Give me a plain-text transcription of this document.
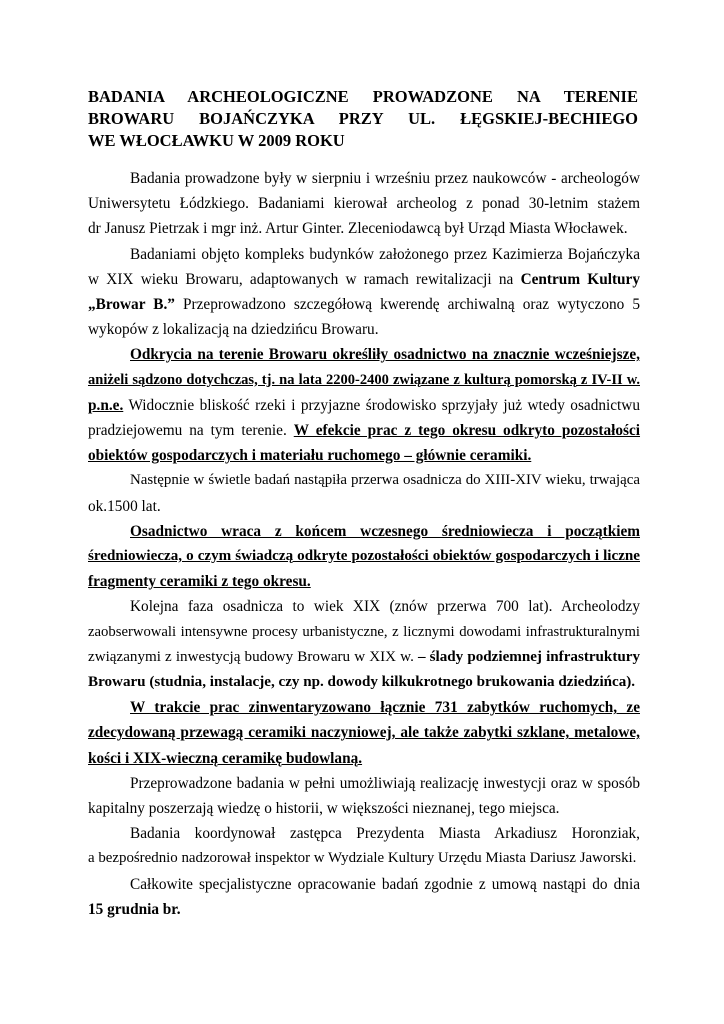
BADANIA ARCHEOLOGICZNE PROWADZONE NA TERENIE
BROWARU BOJAŃCZYKA PRZY UL. ŁĘGSKIEJ-BECHIEGO
WE WŁOCŁAWKU W 2009 ROKU

Badania prowadzone były w sierpniu i wrześniu przez naukowców - archeologów
Uniwersytetu Łódzkiego. Badaniami kierował archeolog z ponad 30-letnim stażem
dr Janusz Pietrzak i mgr inż. Artur Ginter. Zleceniodawcą był Urząd Miasta Włocławek.

Badaniami objęto kompleks budynków założonego przez Kazimierza Bojańczyka
w XIX wieku Browaru, adaptowanych w ramach rewitalizacji na Centrum Kultury
„Browar B.” Przeprowadzono szczegółową kwerendę archiwalną oraz wytyczono 5
wykopów z lokalizacją na dziedzińcu Browaru.

Odkrycia na terenie Browaru określiły osadnictwo na znacznie wcześniejsze,
aniżeli sądzono dotychczas, tj. na lata 2200-2400 związane z kulturą pomorską z IV-II w.
p.n.e. Widocznie bliskość rzeki i przyjazne środowisko sprzyjały już wtedy osadnictwu
pradziejowemu na tym terenie. W efekcie prac z tego okresu odkryto pozostałości
obiektów gospodarczych i materiału ruchomego – głównie ceramiki.

Następnie w świetle badań nastąpiła przerwa osadnicza do XIII-XIV wieku, trwająca
ok.1500 lat.

Osadnictwo wraca z końcem wczesnego średniowiecza i początkiem
średniowiecza, o czym świadczą odkryte pozostałości obiektów gospodarczych i liczne
fragmenty ceramiki z tego okresu.

Kolejna faza osadnicza to wiek XIX (znów przerwa 700 lat). Archeolodzy
zaobserwowali intensywne procesy urbanistyczne, z licznymi dowodami infrastrukturalnymi
związanymi z inwestycją budowy Browaru w XIX w. – ślady podziemnej infrastruktury
Browaru (studnia, instalacje, czy np. dowody kilkukrotnego brukowania dziedzińca).

W trakcie prac zinwentaryzowano łącznie 731 zabytków ruchomych, ze
zdecydowaną przewagą ceramiki naczyniowej, ale także zabytki szklane, metalowe,
kości i XIX-wieczną ceramikę budowlaną.

Przeprowadzone badania w pełni umożliwiają realizację inwestycji oraz w sposób
kapitalny poszerzają wiedzę o historii, w większości nieznanej, tego miejsca.

Badania koordynował zastępca Prezydenta Miasta Arkadiusz Horonziak,
a bezpośrednio nadzorował inspektor w Wydziale Kultury Urzędu Miasta Dariusz Jaworski.

Całkowite specjalistyczne opracowanie badań zgodnie z umową nastąpi do dnia
15 grudnia br.
